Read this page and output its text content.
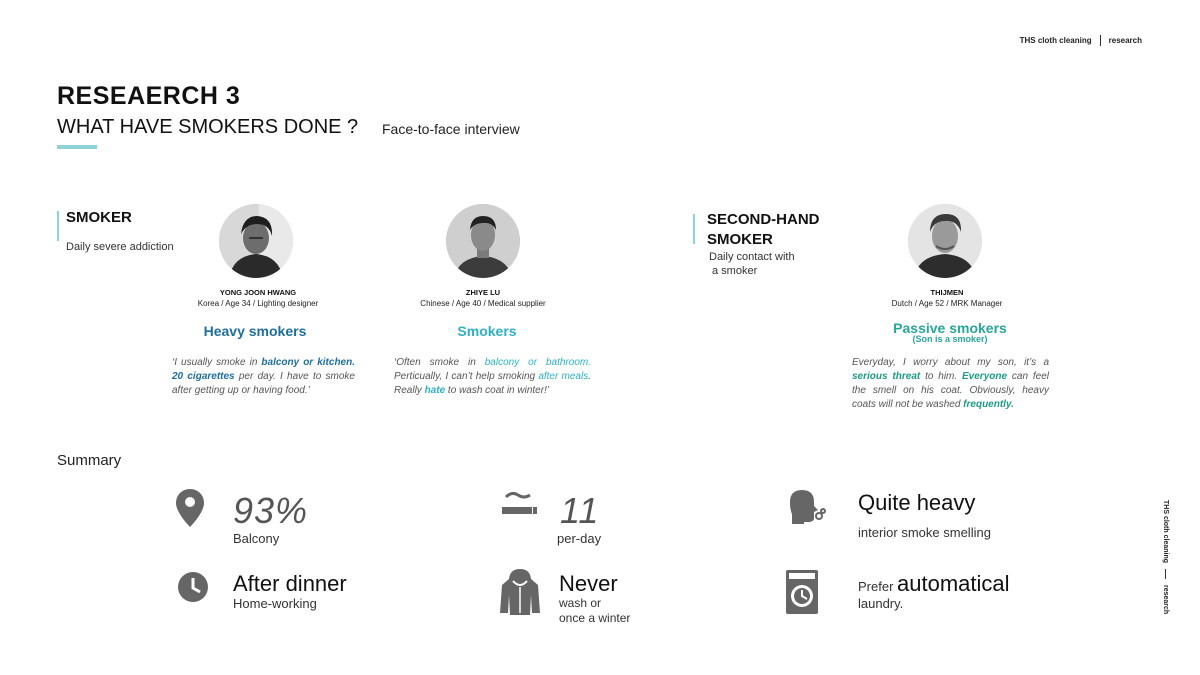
THS cloth cleaning research
RESEAERCH 3
WHAT HAVE SMOKERS DONE ? Face-to-face interview
SMOKER
Daily severe addiction
SECOND-HAND
SMOKER
Daily contact with
a smoker
YONG JOON HWANG
Korea / Age 34 / Lighting designer
Heavy smokers
‘I usually smoke in balcony or kitchen. 20 cigarettes per day. I have to smoke after getting up or having food.’
ZHIYE LU
Chinese / Age 40 / Medical supplier
Smokers
‘Often smoke in balcony or bathroom. Perticually, I can’t help smoking after meals. Really hate to wash coat in winter!’
THIJMEN
Dutch / Age 52 / MRK Manager
Passive smokers
(Son is a smoker)
Everyday, I worry about my son, it’s a serious threat to him. Everyone can feel the smell on his coat. Obviously, heavy coats will not be washed frequently.
Summary
93%
Balcony
11
per-day
Quite heavy
interior smoke smelling
After dinner
Home-working
Never
wash or
once a winter
Prefer automatical
laundry.
THS cloth cleaning
research
